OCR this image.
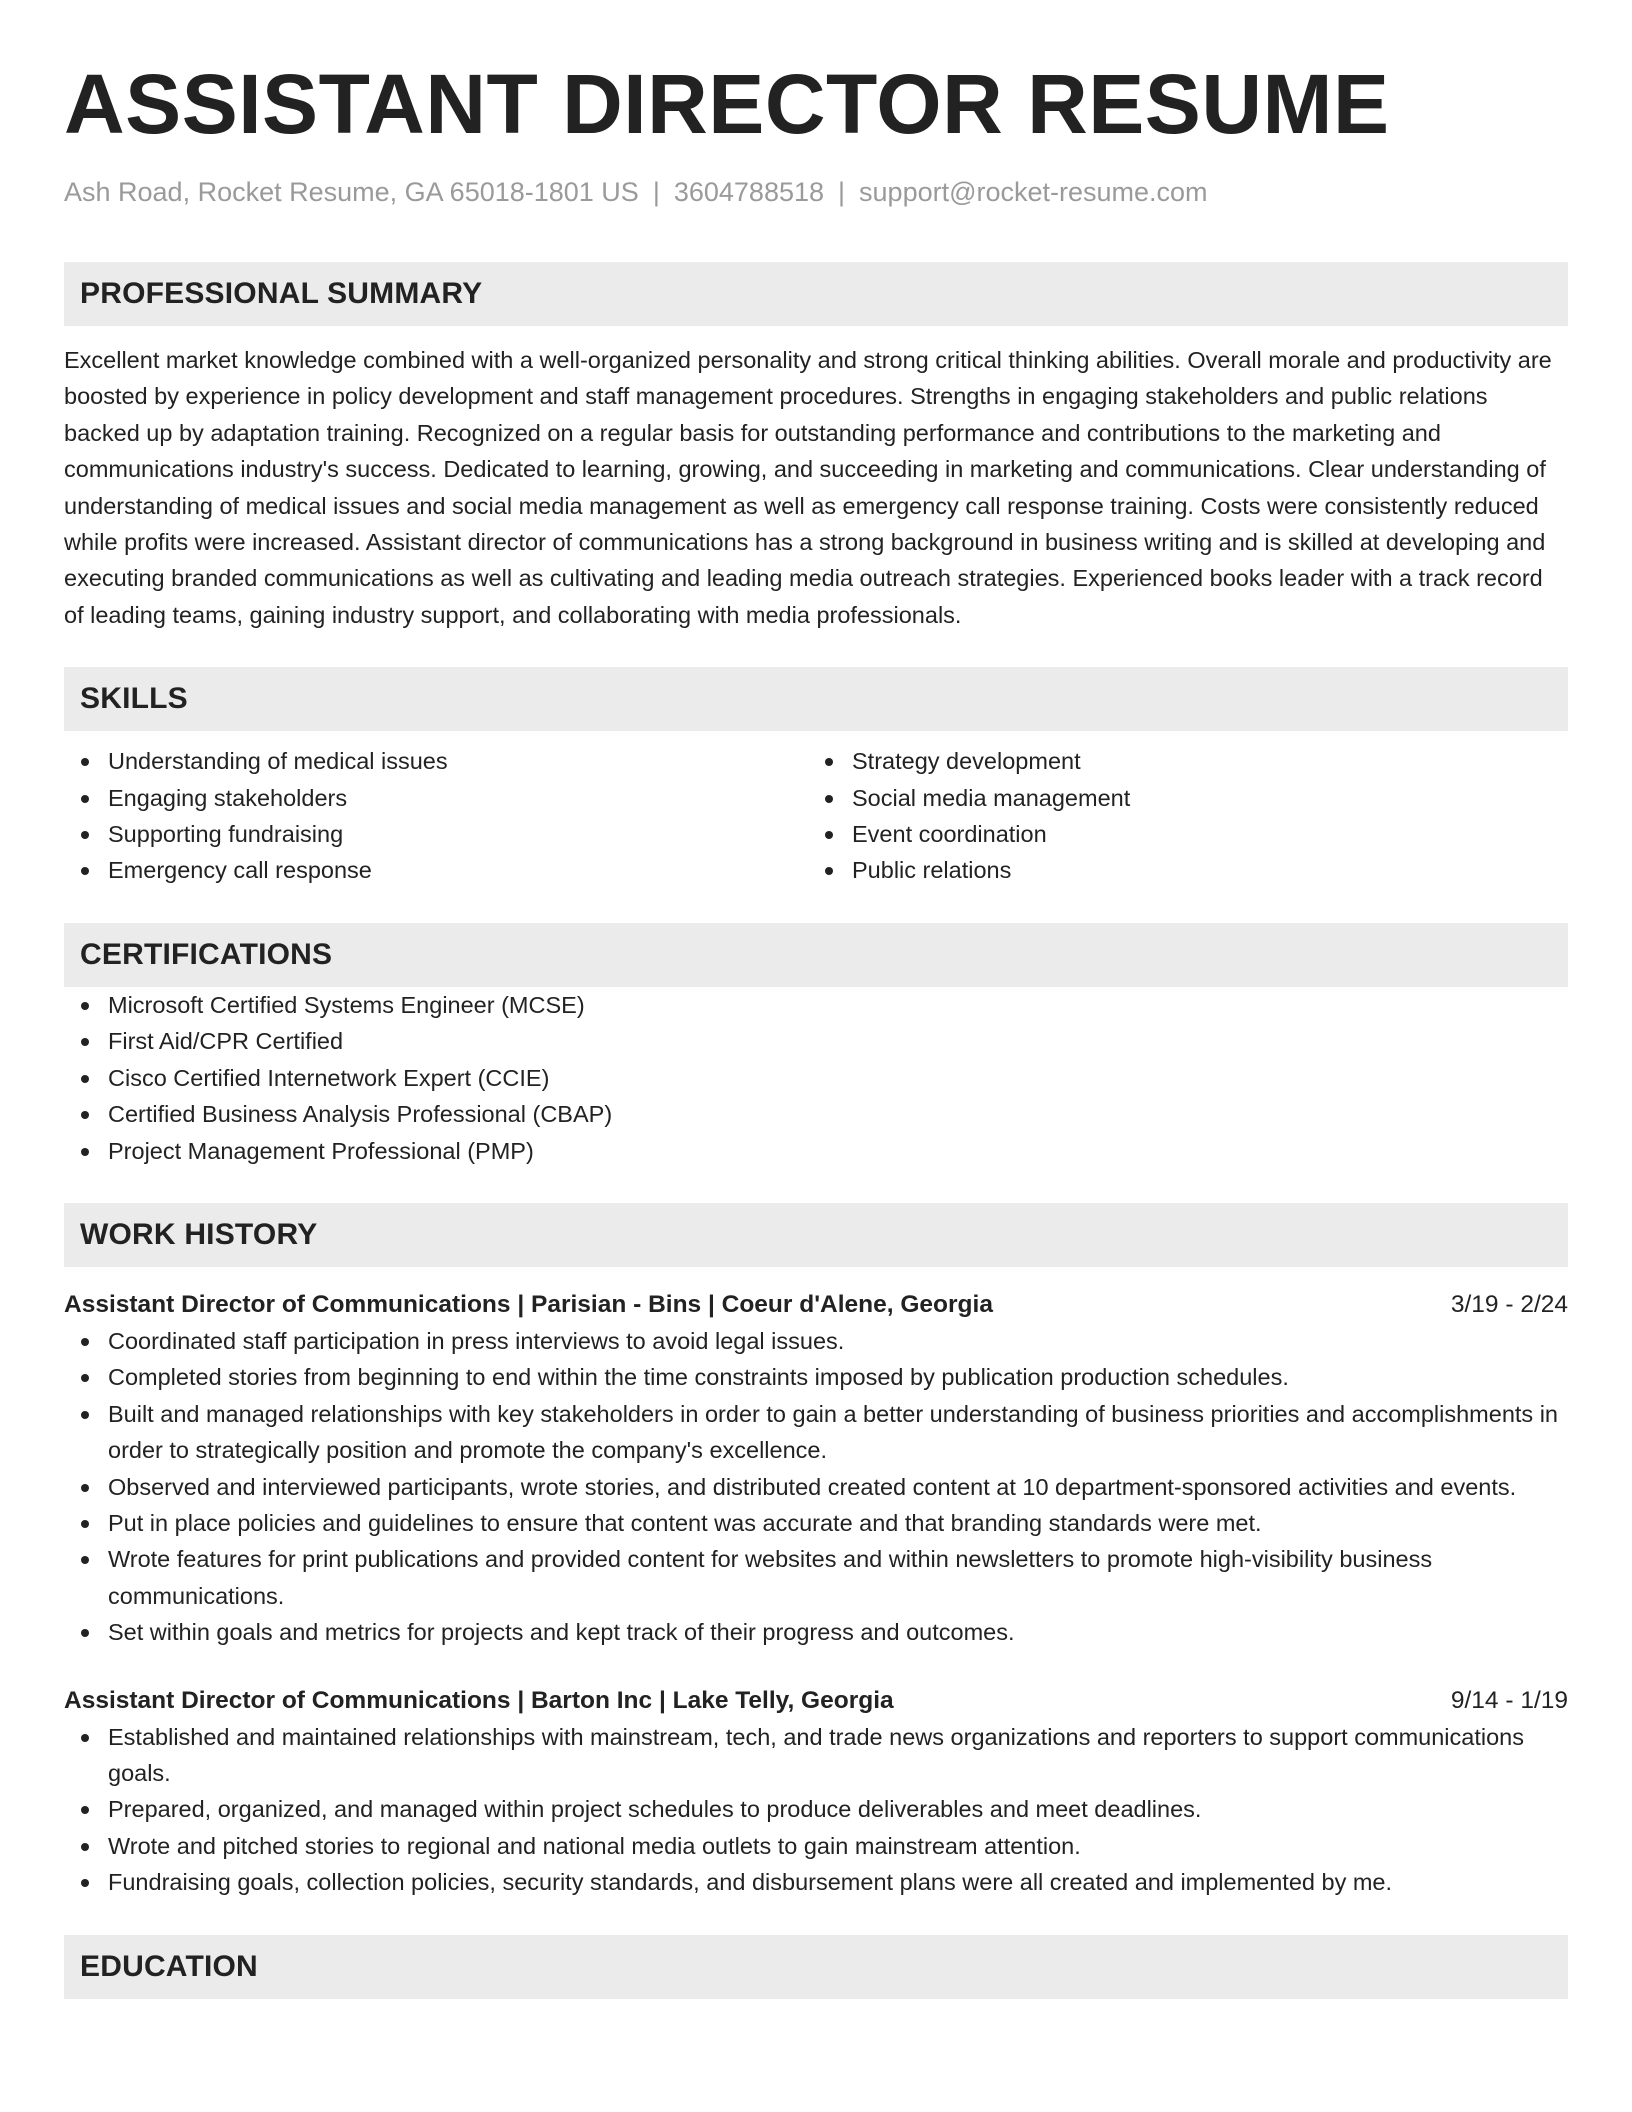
ASSISTANT DIRECTOR RESUME
Ash Road, Rocket Resume, GA 65018-1801 US | 3604788518 | support@rocket-resume.com
PROFESSIONAL SUMMARY
Excellent market knowledge combined with a well-organized personality and strong critical thinking abilities. Overall morale and productivity are boosted by experience in policy development and staff management procedures. Strengths in engaging stakeholders and public relations backed up by adaptation training. Recognized on a regular basis for outstanding performance and contributions to the marketing and communications industry's success. Dedicated to learning, growing, and succeeding in marketing and communications. Clear understanding of understanding of medical issues and social media management as well as emergency call response training. Costs were consistently reduced while profits were increased. Assistant director of communications has a strong background in business writing and is skilled at developing and executing branded communications as well as cultivating and leading media outreach strategies. Experienced books leader with a track record of leading teams, gaining industry support, and collaborating with media professionals.
SKILLS
Understanding of medical issues
Engaging stakeholders
Supporting fundraising
Emergency call response
Strategy development
Social media management
Event coordination
Public relations
CERTIFICATIONS
Microsoft Certified Systems Engineer (MCSE)
First Aid/CPR Certified
Cisco Certified Internetwork Expert (CCIE)
Certified Business Analysis Professional (CBAP)
Project Management Professional (PMP)
WORK HISTORY
Assistant Director of Communications | Parisian - Bins | Coeur d'Alene, Georgia	3/19 - 2/24
Coordinated staff participation in press interviews to avoid legal issues.
Completed stories from beginning to end within the time constraints imposed by publication production schedules.
Built and managed relationships with key stakeholders in order to gain a better understanding of business priorities and accomplishments in order to strategically position and promote the company's excellence.
Observed and interviewed participants, wrote stories, and distributed created content at 10 department-sponsored activities and events.
Put in place policies and guidelines to ensure that content was accurate and that branding standards were met.
Wrote features for print publications and provided content for websites and within newsletters to promote high-visibility business communications.
Set within goals and metrics for projects and kept track of their progress and outcomes.
Assistant Director of Communications | Barton Inc | Lake Telly, Georgia	9/14 - 1/19
Established and maintained relationships with mainstream, tech, and trade news organizations and reporters to support communications goals.
Prepared, organized, and managed within project schedules to produce deliverables and meet deadlines.
Wrote and pitched stories to regional and national media outlets to gain mainstream attention.
Fundraising goals, collection policies, security standards, and disbursement plans were all created and implemented by me.
EDUCATION
